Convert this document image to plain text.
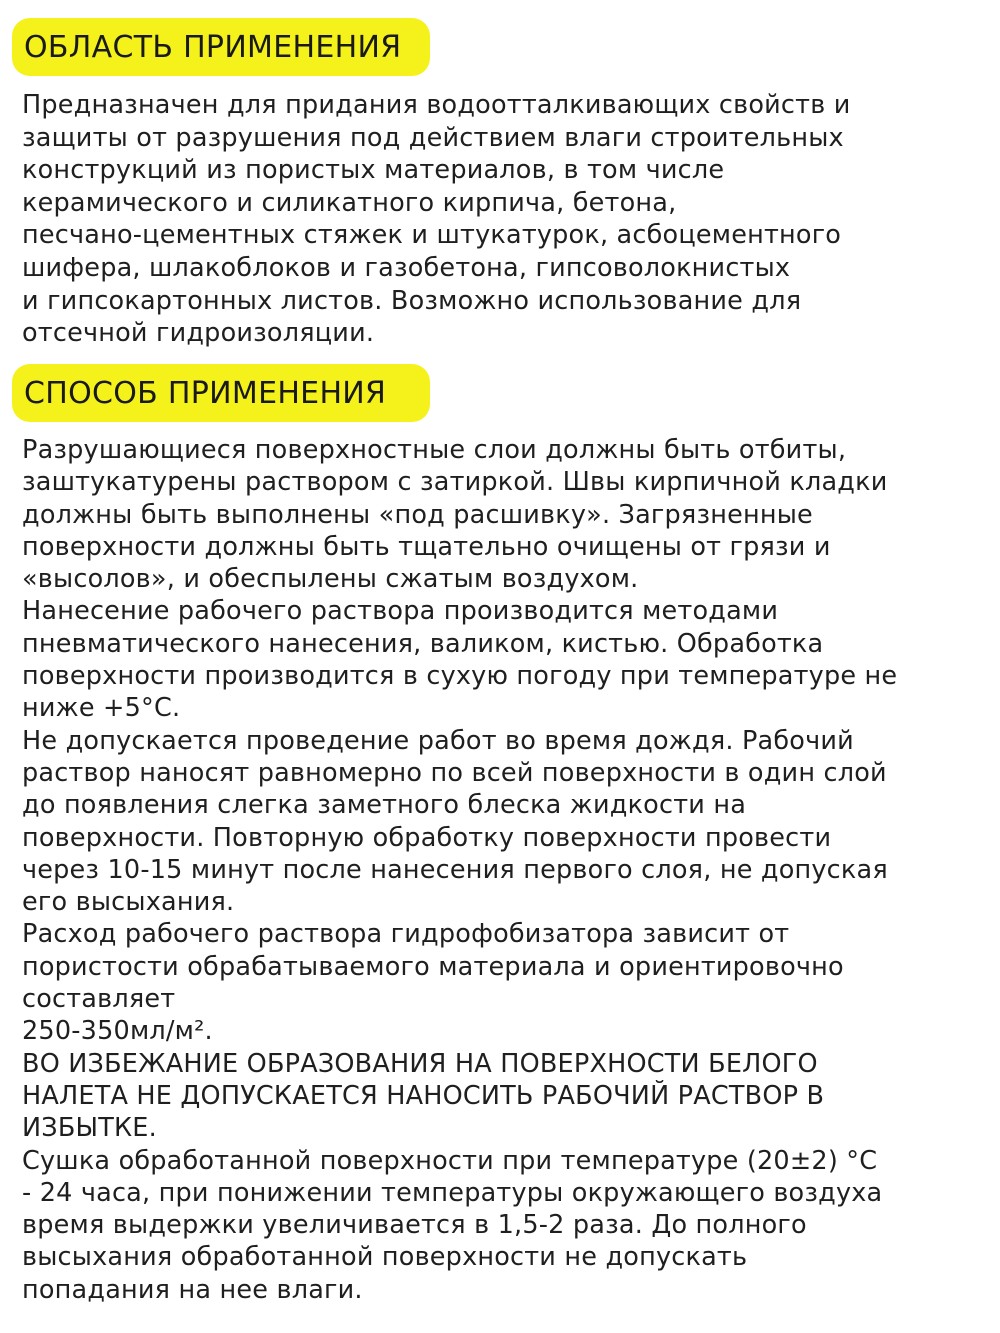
ОБЛАСТЬ ПРИМЕНЕНИЯ
Предназначен для придания водоотталкивающих свойств и
защиты от разрушения под действием влаги строительных
конструкций из пористых материалов, в том числе
керамического и силикатного кирпича, бетона,
песчано-цементных стяжек и штукатурок, асбоцементного
шифера, шлакоблоков и газобетона, гипсоволокнистых
и гипсокартонных листов. Возможно использование для
отсечной гидроизоляции.
СПОСОБ ПРИМЕНЕНИЯ
Разрушающиеся поверхностные слои должны быть отбиты,
заштукатурены раствором с затиркой. Швы кирпичной кладки
должны быть выполнены «под расшивку». Загрязненные
поверхности должны быть тщательно очищены от грязи и
«высолов», и обеспылены сжатым воздухом.
Нанесение рабочего раствора производится методами
пневматического нанесения, валиком, кистью. Обработка
поверхности производится в сухую погоду при температуре не
ниже +5°С.
Не допускается проведение работ во время дождя. Рабочий
раствор наносят равномерно по всей поверхности в один слой
до появления слегка заметного блеска жидкости на
поверхности. Повторную обработку поверхности провести
через 10-15 минут после нанесения первого слоя, не допуская
его высыхания.
Расход рабочего раствора гидрофобизатора зависит от
пористости обрабатываемого материала и ориентировочно
составляет
250-350мл/м².
ВО ИЗБЕЖАНИЕ ОБРАЗОВАНИЯ НА ПОВЕРХНОСТИ БЕЛОГО
НАЛЕТА НЕ ДОПУСКАЕТСЯ НАНОСИТЬ РАБОЧИЙ РАСТВОР В
ИЗБЫТКЕ.
Сушка обработанной поверхности при температуре (20±2) °С
- 24 часа, при понижении температуры окружающего воздуха
время выдержки увеличивается в 1,5-2 раза. До полного
высыхания обработанной поверхности не допускать
попадания на нее влаги.
